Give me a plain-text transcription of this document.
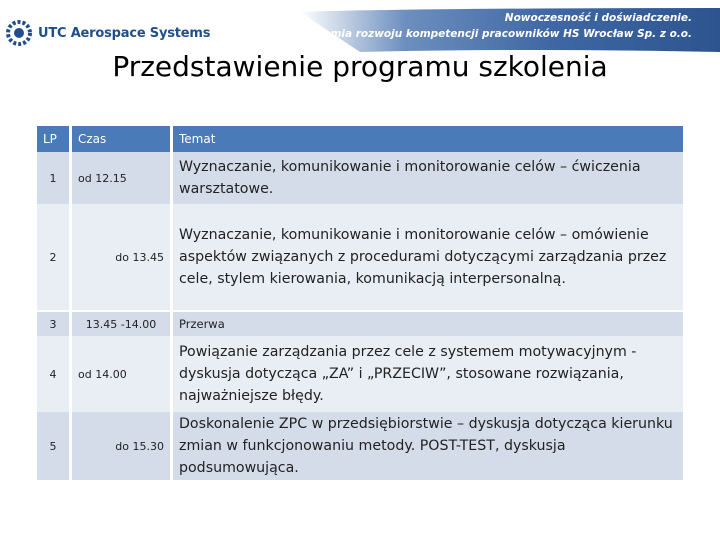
UTC Aerospace Systems
Nowoczesność i doświadczenie.
Akademia rozwoju kompetencji pracowników HS Wrocław Sp. z o.o.
Przedstawienie programu szkolenia
LP	Czas	Temat
1	od 12.15	Wyznaczanie, komunikowanie i monitorowanie celów – ćwiczenia warsztatowe.
2	do 13.45	Wyznaczanie, komunikowanie i monitorowanie celów – omówienie aspektów związanych z procedurami dotyczącymi zarządzania przez cele, stylem kierowania, komunikacją interpersonalną.
3	13.45 -14.00	Przerwa
4	od 14.00	Powiązanie zarządzania przez cele z systemem motywacyjnym - dyskusja dotycząca „ZA” i „PRZECIW”, stosowane rozwiązania, najważniejsze błędy.
5	do 15.30	Doskonalenie ZPC w przedsiębiorstwie – dyskusja dotycząca kierunku zmian w funkcjonowaniu metody. POST-TEST, dyskusja podsumowująca.
